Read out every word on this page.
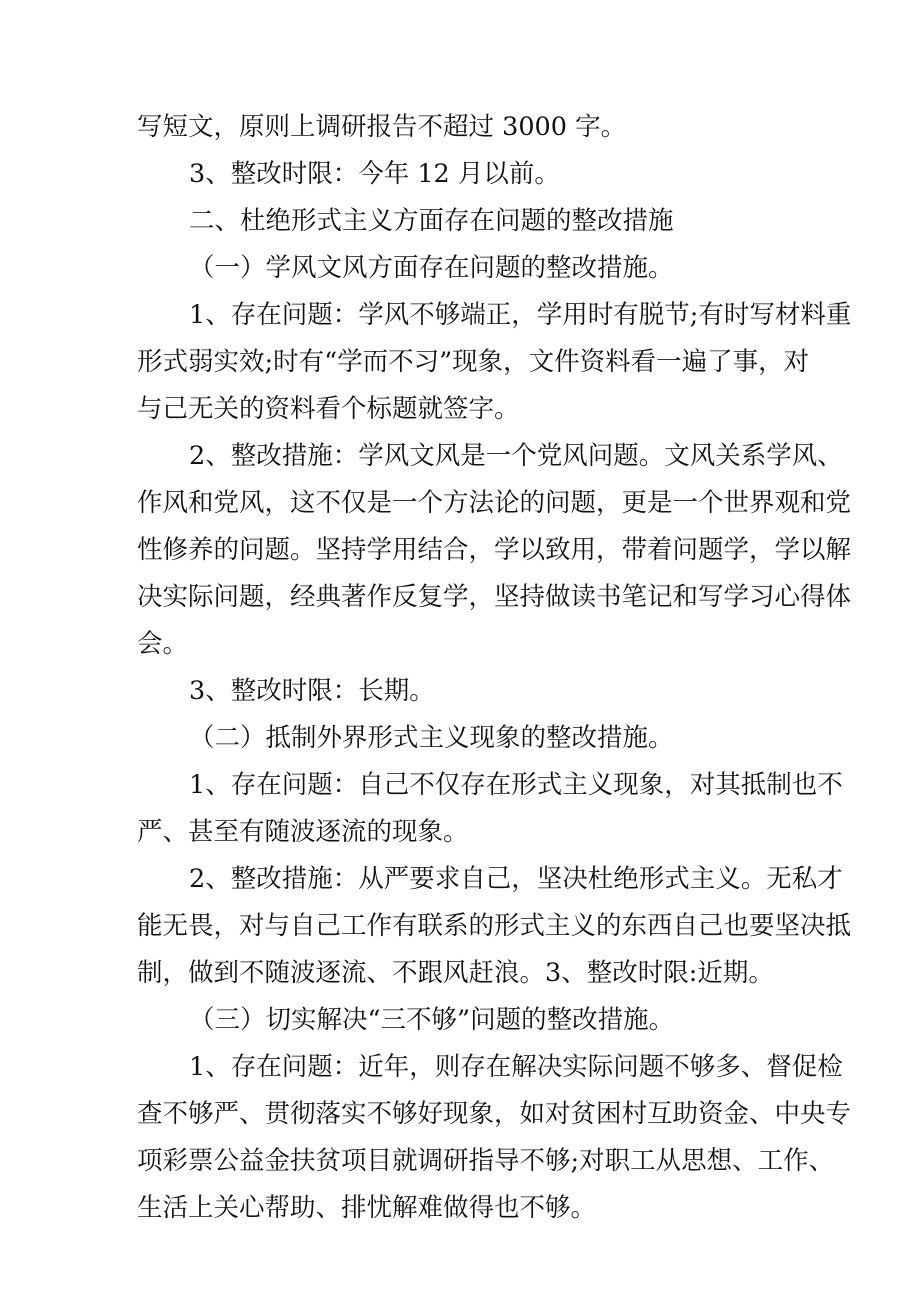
写短文，原则上调研报告不超过 3000 字。

3、整改时限：今年 12 月以前。

二、杜绝形式主义方面存在问题的整改措施

（一）学风文风方面存在问题的整改措施。

1、存在问题：学风不够端正，学用时有脱节;有时写材料重
形式弱实效;时有“学而不习”现象，文件资料看一遍了事，对
与己无关的资料看个标题就签字。

2、整改措施：学风文风是一个党风问题。文风关系学风、
作风和党风，这不仅是一个方法论的问题，更是一个世界观和党
性修养的问题。坚持学用结合，学以致用，带着问题学，学以解
决实际问题，经典著作反复学，坚持做读书笔记和写学习心得体
会。

3、整改时限：长期。

（二）抵制外界形式主义现象的整改措施。

1、存在问题：自己不仅存在形式主义现象，对其抵制也不
严、甚至有随波逐流的现象。

2、整改措施：从严要求自己，坚决杜绝形式主义。无私才
能无畏，对与自己工作有联系的形式主义的东西自己也要坚决抵
制，做到不随波逐流、不跟风赶浪。3、整改时限:近期。

（三）切实解决“三不够”问题的整改措施。

1、存在问题：近年，则存在解决实际问题不够多、督促检
查不够严、贯彻落实不够好现象，如对贫困村互助资金、中央专
项彩票公益金扶贫项目就调研指导不够;对职工从思想、工作、
生活上关心帮助、排忧解难做得也不够。
